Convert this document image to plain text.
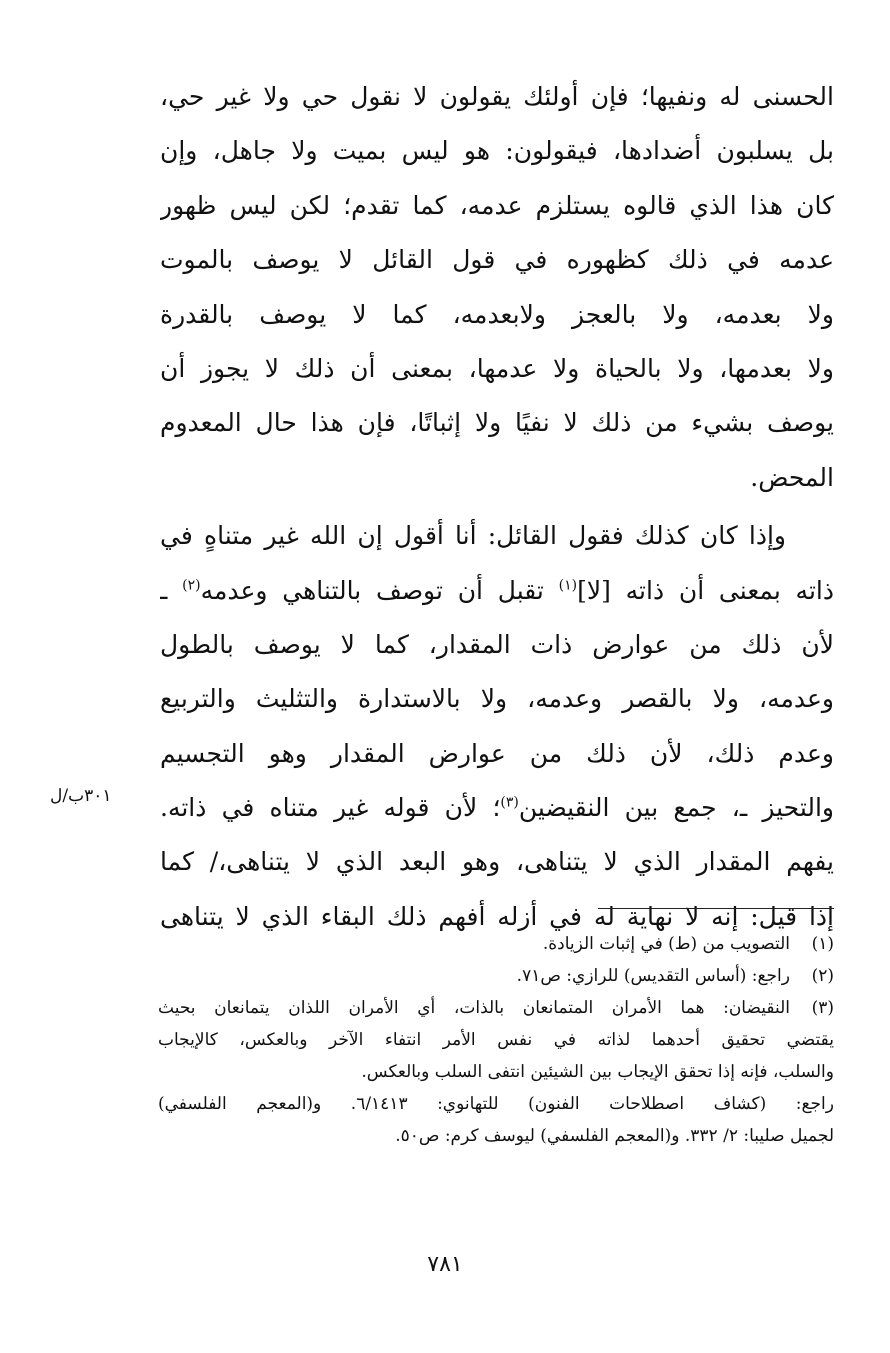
الحسنى له ونفيها؛ فإن أولئك يقولون لا نقول حي ولا غير حي،
بل يسلبون أضدادها، فيقولون: هو ليس بميت ولا جاهل، وإن
كان هذا الذي قالوه يستلزم عدمه، كما تقدم؛ لكن ليس ظهور
عدمه في ذلك كظهوره في قول القائل لا يوصف بالموت
ولا بعدمه، ولا بالعجز ولابعدمه، كما لا يوصف بالقدرة
ولا بعدمها، ولا بالحياة ولا عدمها، بمعنى أن ذلك لا يجوز أن
يوصف بشيء من ذلك لا نفيًا ولا إثباتًا، فإن هذا حال المعدوم
المحض.
وإذا كان كذلك فقول القائل: أنا أقول إن الله غير متناهٍ في
ذاته بمعنى أن ذاته [لا]$^{(١)}$ تقبل أن توصف بالتناهي وعدمه$^{(٢)}$ ـ
لأن ذلك من عوارض ذات المقدار، كما لا يوصف بالطول
وعدمه، ولا بالقصر وعدمه، ولا بالاستدارة والتثليث والتربيع
وعدم ذلك، لأن ذلك من عوارض المقدار وهو التجسيم
والتحيز ـ، جمع بين النقيضين$^{(٣)}$؛ لأن قوله غير متناه في ذاته.
يفهم المقدار الذي لا يتناهى، وهو البعد الذي لا يتناهى،/ كما
إذا قيل: إنه لا نهاية له في أزله أفهم ذلك البقاء الذي لا يتناهى
٣٠١ب/ل
(١)
التصويب من (ط) في إثبات الزيادة.
(٢)
راجع: (أساس التقديس) للرازي: ص٧١.
(٣)
النقيضان: هما الأمران المتمانعان بالذات، أي الأمران اللذان يتمانعان بحيث
يقتضي تحقيق أحدهما لذاته في نفس الأمر انتفاء الآخر وبالعكس، كالإيجاب
والسلب، فإنه إذا تحقق الإيجاب بين الشيئين انتفى السلب وبالعكس.
راجع: (كشاف اصطلاحات الفنون) للتهانوي: ٦/١٤١٣. و(المعجم الفلسفي)
لجميل صليبا: ٢/ ٣٣٢. و(المعجم الفلسفي) ليوسف كرم: ص٥٠.
٧٨١
